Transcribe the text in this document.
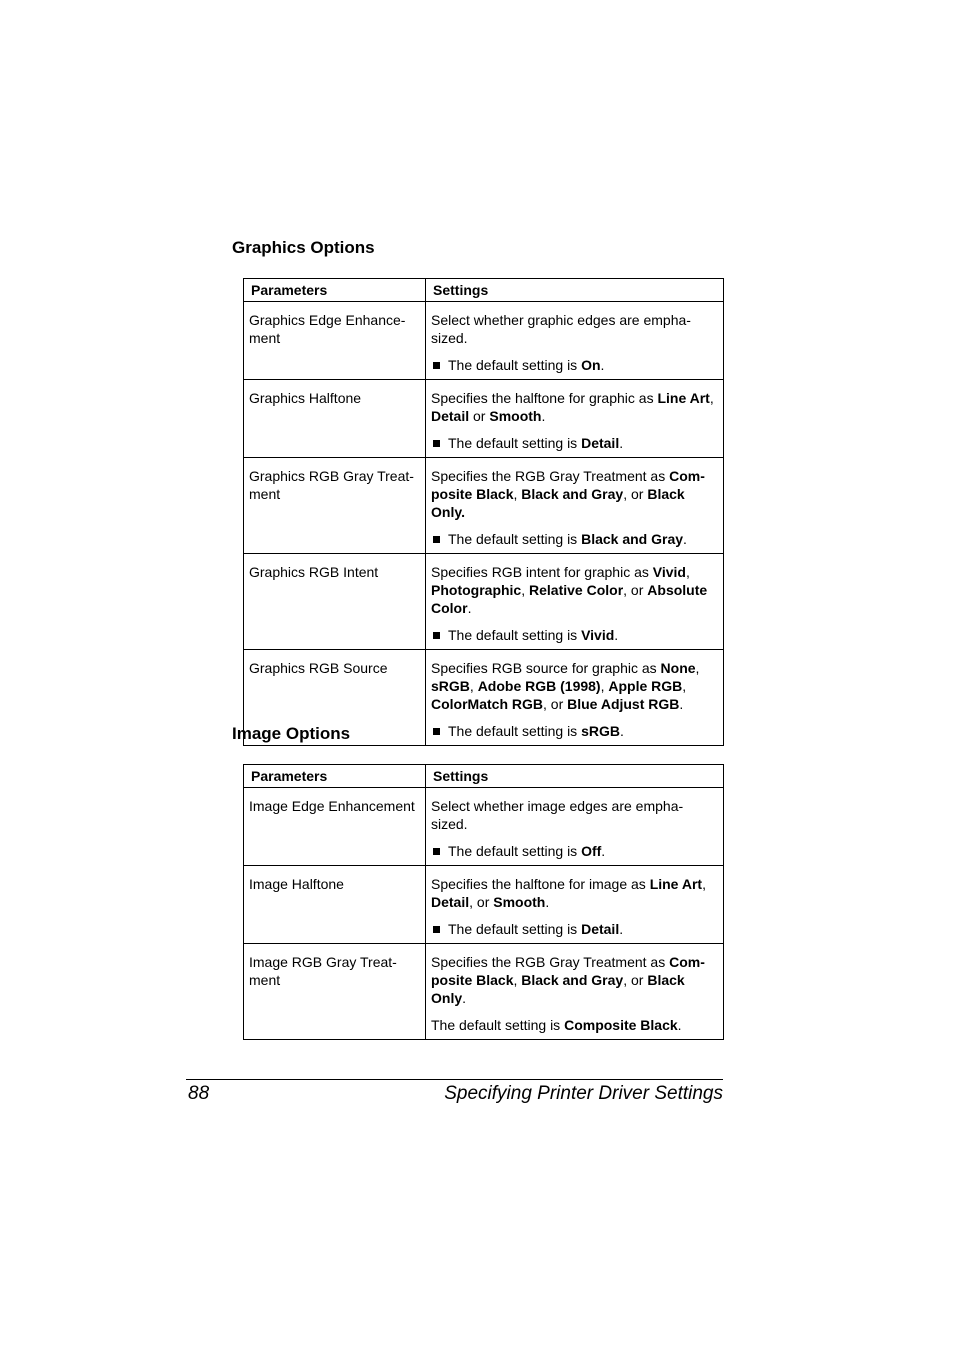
Graphics Options
Parameters	Settings
Graphics Edge Enhance- ment	Select whether graphic edges are empha- sized.

The default setting is On.

Graphics Halftone	Specifies the halftone for graphic as Line Art, Detail or Smooth.

The default setting is Detail.

Graphics RGB Gray Treat- ment	Specifies the RGB Gray Treatment as Com- posite Black, Black and Gray, or Black Only.

The default setting is Black and Gray.

Graphics RGB Intent	Specifies RGB intent for graphic as Vivid, Photographic, Relative Color, or Absolute Color.

The default setting is Vivid.

Graphics RGB Source	Specifies RGB source for graphic as None, sRGB, Adobe RGB (1998), Apple RGB, ColorMatch RGB, or Blue Adjust RGB.

The default setting is sRGB.

Image Options
Parameters	Settings
Image Edge Enhancement	Select whether image edges are empha- sized.

The default setting is Off.

Image Halftone	Specifies the halftone for image as Line Art, Detail, or Smooth.

The default setting is Detail.

Image RGB Gray Treat- ment	Specifies the RGB Gray Treatment as Com- posite Black, Black and Gray, or Black Only.

The default setting is Composite Black.

88	Specifying Printer Driver Settings
